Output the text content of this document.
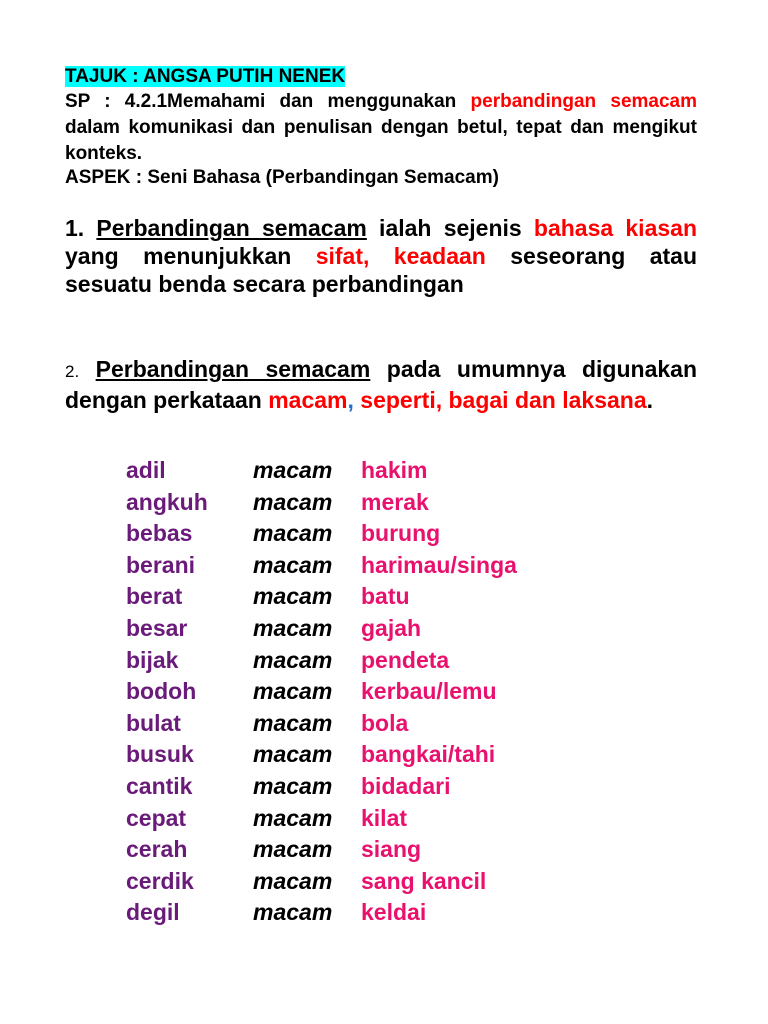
TAJUK : ANGSA PUTIH NENEK
SP : 4.2.1Memahami dan menggunakan perbandingan semacam dalam komunikasi dan penulisan dengan betul, tepat dan mengikut konteks.
ASPEK : Seni Bahasa (Perbandingan Semacam)
1. Perbandingan semacam ialah sejenis bahasa kiasan yang menunjukkan sifat, keadaan seseorang atau sesuatu benda secara perbandingan
2. Perbandingan semacam pada umumnya digunakan dengan perkataan macam, seperti, bagai dan laksana.
adil	macam hakim
angkuh macam merak
bebas	macam burung
berani	macam harimau/singa
berat	macam batu
besar	macam gajah
bijak	macam pendeta
bodoh macam kerbau/lemu
bulat	macam bola
busuk	macam bangkai/tahi
cantik	macam bidadari
cepat	macam kilat
cerah	macam siang
cerdik	macam sang kancil
degil	macam keldai
